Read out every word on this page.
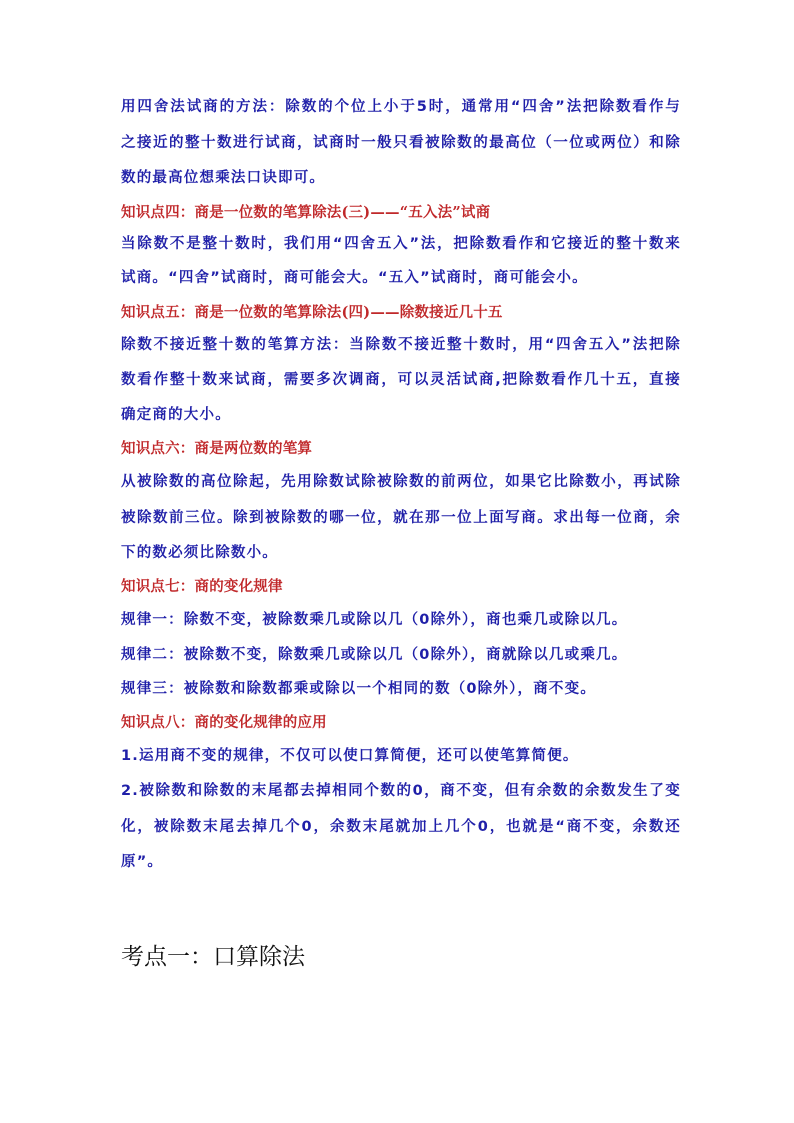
用四舍法试商的方法：除数的个位上小于5时，通常用“四舍”法把除数看作与
之接近的整十数进行试商，试商时一般只看被除数的最高位（一位或两位）和除
数的最高位想乘法口诀即可。
知识点四：商是一位数的笔算除法(三)——“五入法”试商
当除数不是整十数时，我们用“四舍五入”法，把除数看作和它接近的整十数来
试商。“四舍”试商时，商可能会大。“五入”试商时，商可能会小。
知识点五：商是一位数的笔算除法(四)——除数接近几十五
除数不接近整十数的笔算方法：当除数不接近整十数时，用“四舍五入”法把除
数看作整十数来试商，需要多次调商，可以灵活试商,把除数看作几十五，直接
确定商的大小。
知识点六：商是两位数的笔算
从被除数的高位除起，先用除数试除被除数的前两位，如果它比除数小，再试除
被除数前三位。除到被除数的哪一位，就在那一位上面写商。求出每一位商，余
下的数必须比除数小。
知识点七：商的变化规律
规律一：除数不变，被除数乘几或除以几（0除外），商也乘几或除以几。
规律二：被除数不变，除数乘几或除以几（0除外），商就除以几或乘几。
规律三：被除数和除数都乘或除以一个相同的数（0除外），商不变。
知识点八：商的变化规律的应用
1.运用商不变的规律，不仅可以使口算简便，还可以使笔算简便。
2.被除数和除数的末尾都去掉相同个数的0，商不变，但有余数的余数发生了变
化，被除数末尾去掉几个0，余数末尾就加上几个0，也就是“商不变，余数还
原”。
考点一：口算除法
